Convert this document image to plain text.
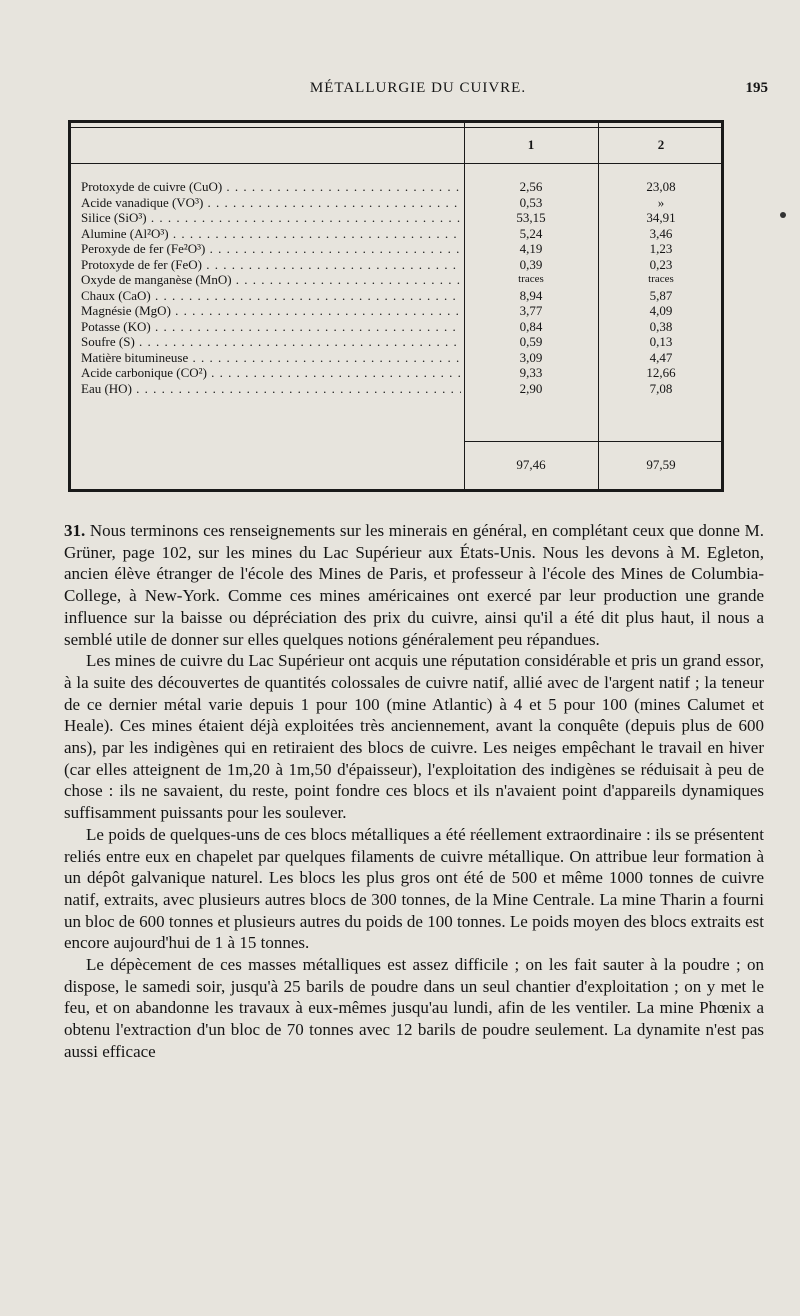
MÉTALLURGIE DU CUIVRE.	195
1	2
Protoxyde de cuivre (CuO) . . .	2,56	23,08
Acide vanadique (VO³) . . .	0,53	»
Silice (SiO³) . . .	53,15	34,91
Alumine (Al²O³) . . .	5,24	3,46
Peroxyde de fer (Fe²O³) . . .	4,19	1,23
Protoxyde de fer (FeO) . . .	0,39	0,23
Oxyde de manganèse (MnO) . . .	traces	traces
Chaux (CaO) . . .	8,94	5,87
Magnésie (MgO) . . .	3,77	4,09
Potasse (KO) . . .	0,84	0,38
Soufre (S) . . .	0,59	0,13
Matière bitumineuse . . .	3,09	4,47
Acide carbonique (CO²) . . .	9,33	12,66
Eau (HO) . . .	2,90	7,08
97,46	97,59

31. Nous terminons ces renseignements sur les minerais en général, en complétant ceux que donne M. Grüner, page 102, sur les mines du Lac Supérieur aux États-Unis. Nous les devons à M. Egleton, ancien élève étranger de l'école des Mines de Paris, et professeur à l'école des Mines de Columbia-College, à New-York. Comme ces mines américaines ont exercé par leur production une grande influence sur la baisse ou dépréciation des prix du cuivre, ainsi qu'il a été dit plus haut, il nous a semblé utile de donner sur elles quelques notions généralement peu répandues.

Les mines de cuivre du Lac Supérieur ont acquis une réputation considérable et pris un grand essor, à la suite des découvertes de quantités colossales de cuivre natif, allié avec de l'argent natif ; la teneur de ce dernier métal varie depuis 1 pour 100 (mine Atlantic) à 4 et 5 pour 100 (mines Calumet et Heale). Ces mines étaient déjà exploitées très anciennement, avant la conquête (depuis plus de 600 ans), par les indigènes qui en retiraient des blocs de cuivre. Les neiges empêchant le travail en hiver (car elles atteignent de 1m,20 à 1m,50 d'épaisseur), l'exploitation des indigènes se réduisait à peu de chose : ils ne savaient, du reste, point fondre ces blocs et ils n'avaient point d'appareils dynamiques suffisamment puissants pour les soulever.

Le poids de quelques-uns de ces blocs métalliques a été réellement extraordinaire : ils se présentent reliés entre eux en chapelet par quelques filaments de cuivre métallique. On attribue leur formation à un dépôt galvanique naturel. Les blocs les plus gros ont été de 500 et même 1000 tonnes de cuivre natif, extraits, avec plusieurs autres blocs de 300 tonnes, de la Mine Centrale. La mine Tharin a fourni un bloc de 600 tonnes et plusieurs autres du poids de 100 tonnes. Le poids moyen des blocs extraits est encore aujourd'hui de 1 à 15 tonnes.

Le dépècement de ces masses métalliques est assez difficile ; on les fait sauter à la poudre ; on dispose, le samedi soir, jusqu'à 25 barils de poudre dans un seul chantier d'exploitation ; on y met le feu, et on abandonne les travaux à eux-mêmes jusqu'au lundi, afin de les ventiler. La mine Phœnix a obtenu l'extraction d'un bloc de 70 tonnes avec 12 barils de poudre seulement. La dynamite n'est pas aussi efficace
